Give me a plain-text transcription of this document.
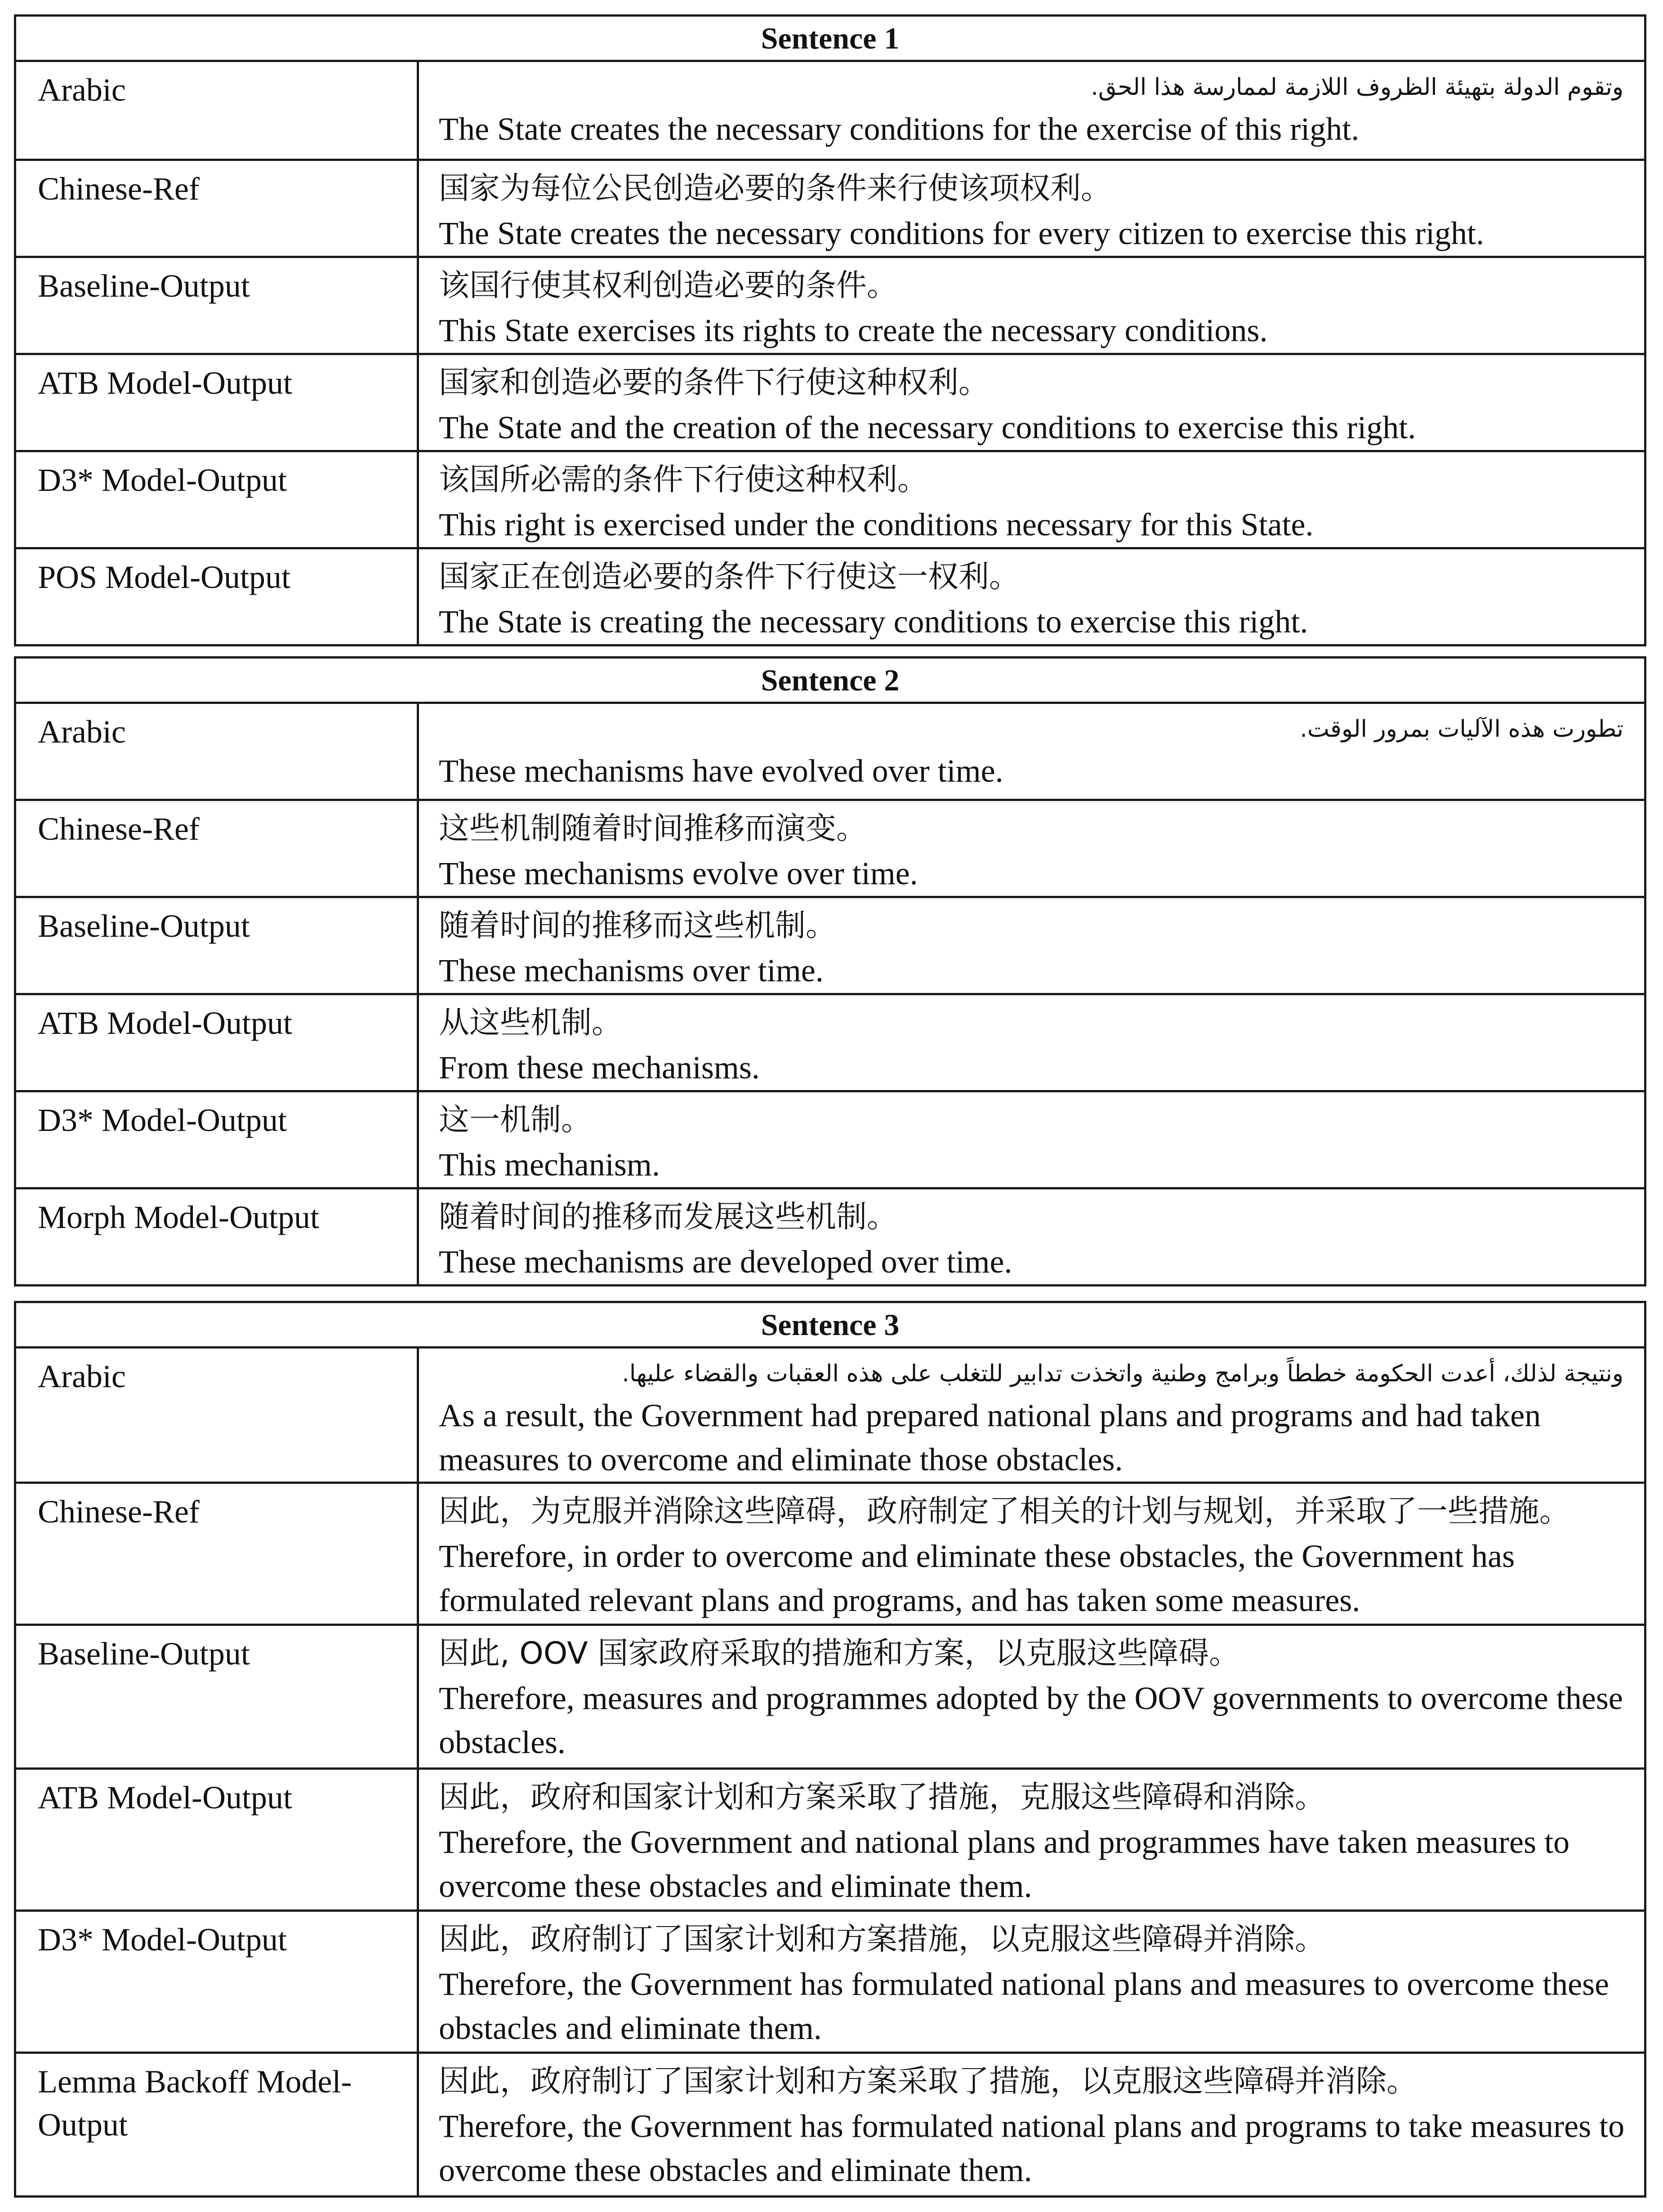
Sentence 1	
Arabic	وتقوم الدولة بتهيئة الظروف اللازمة لممارسة هذا الحق.
The State creates the necessary conditions for the exercise of this right.

Chinese-Ref	国家为每位公民创造必要的条件来行使该项权利。
The State creates the necessary conditions for every citizen to exercise this right.

Baseline-Output	该国行使其权利创造必要的条件。
This State exercises its rights to create the necessary conditions.

ATB Model-Output	国家和创造必要的条件下行使这种权利。
The State and the creation of the necessary conditions to exercise this right.

D3* Model-Output	该国所必需的条件下行使这种权利。
This right is exercised under the conditions necessary for this State.

POS Model-Output	国家正在创造必要的条件下行使这一权利。
The State is creating the necessary conditions to exercise this right.
Sentence 2	
Arabic	تطورت هذه الآليات بمرور الوقت.
These mechanisms have evolved over time.

Chinese-Ref	这些机制随着时间推移而演变。
These mechanisms evolve over time.

Baseline-Output	随着时间的推移而这些机制。
These mechanisms over time.

ATB Model-Output	从这些机制。
From these mechanisms.

D3* Model-Output	这一机制。
This mechanism.

Morph Model-Output	随着时间的推移而发展这些机制。
These mechanisms are developed over time.
Sentence 3	
Arabic	ونتيجة لذلك، أعدت الحكومة خططاً وبرامج وطنية واتخذت تدابير للتغلب على هذه العقبات والقضاء عليها.
As a result, the Government had prepared national plans and programs and had taken measures to overcome and eliminate those obstacles.

Chinese-Ref	因此，为克服并消除这些障碍，政府制定了相关的计划与规划，并采取了一些措施。
Therefore, in order to overcome and eliminate these obstacles, the Government has formulated relevant plans and programs, and has taken some measures.

Baseline-Output	因此, OOV 国家政府采取的措施和方案，以克服这些障碍。
Therefore, measures and programmes adopted by the OOV governments to overcome these obstacles.

ATB Model-Output	因此，政府和国家计划和方案采取了措施，克服这些障碍和消除。
Therefore, the Government and national plans and programmes have taken measures to overcome these obstacles and eliminate them.

D3* Model-Output	因此，政府制订了国家计划和方案措施，以克服这些障碍并消除。
Therefore, the Government has formulated national plans and measures to overcome these obstacles and eliminate them.

Lemma Backoff Model-Output	因此，政府制订了国家计划和方案采取了措施，以克服这些障碍并消除。
Therefore, the Government has formulated national plans and programs to take measures to overcome these obstacles and eliminate them.
